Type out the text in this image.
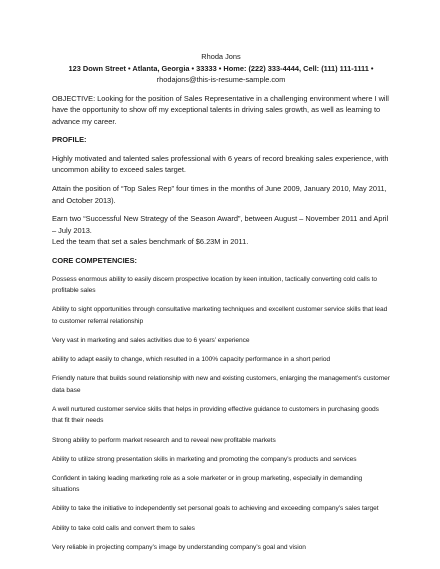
Rhoda Jons
123 Down Street • Atlanta, Georgia • 33333 • Home: (222) 333-4444, Cell: (111) 111-1111 •
rhodajons@this-is-resume-sample.com

OBJECTIVE: Looking for the position of Sales Representative in a challenging environment where I will have the opportunity to show off my exceptional talents in driving sales growth, as well as learning to advance my career.

PROFILE:

Highly motivated and talented sales professional with 6 years of record breaking sales experience, with uncommon ability to exceed sales target.

Attain the position of “Top Sales Rep” four times in the months of June 2009, January 2010, May 2011, and October 2013).

Earn two “Successful New Strategy of the Season Award”, between August – November 2011 and April – July 2013.

Led the team that set a sales benchmark of $6.23M in 2011.

CORE COMPETENCIES:

Possess enormous ability to easily discern prospective location by keen intuition, tactically converting cold calls to profitable sales

Ability to sight opportunities through consultative marketing techniques and excellent customer service skills that lead to customer referral relationship

Very vast in marketing and sales activities due to 6 years’ experience

ability to adapt easily to change, which resulted in a 100% capacity performance in a short period

Friendly nature that builds sound relationship with new and existing customers, enlarging the management’s customer data base

A well nurtured customer service skills that helps in providing effective guidance to customers in purchasing goods that fit their needs

Strong ability to perform market research and to reveal new profitable markets

Ability to utilize strong presentation skills in marketing and promoting the company’s products and services

Confident in taking leading marketing role as a sole marketer or in group marketing, especially in demanding situations

Ability to take the initiative to independently set personal goals to achieving and exceeding company’s sales target

Ability to take cold calls and convert them to sales

Very reliable in projecting company’s image by understanding company’s goal and vision
